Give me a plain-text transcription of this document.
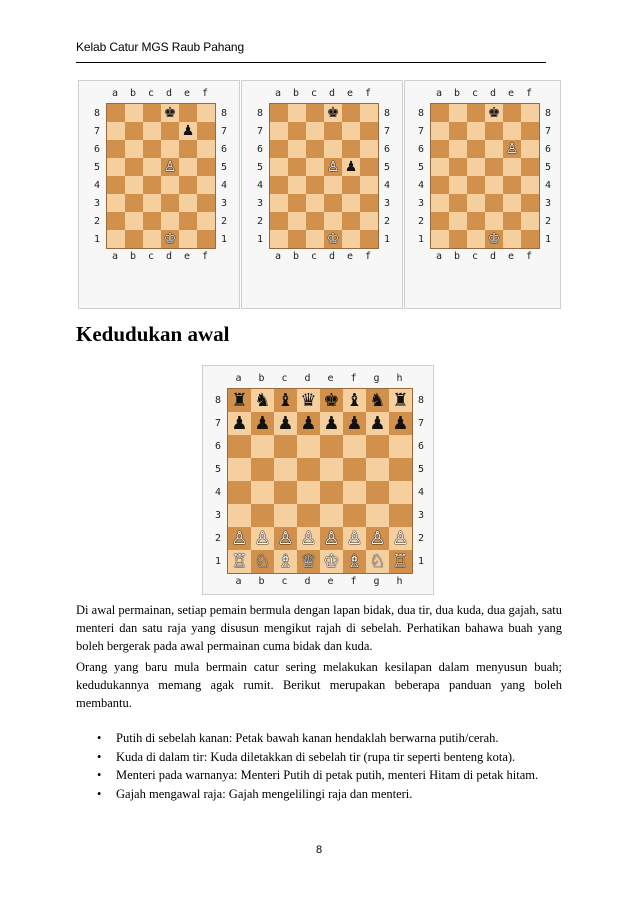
Kelab Catur MGS Raub Pahang
a	b	c	d	e	f
a	b	c	d	e	f
8
7
6
5
4
3
2
1
8
7
6
5
4
3
2
1
♚
♟
♙
♔
a	b	c	d	e	f
a	b	c	d	e	f
8
7
6
5
4
3
2
1
8
7
6
5
4
3
2
1
♚
♙ ♟
♔
a	b	c	d	e	f
a	b	c	d	e	f
8
7
6
5
4
3
2
1
8
7
6
5
4
3
2
1
♚
♙
♔
a	b	c	d	e	f	g	h
a	b	c	d	e	f	g	h
8
7
6
5
4
3
2
1
8
7
6
5
4
3
2
1
♜ ♞ ♝ ♛ ♚ ♝ ♞ ♜
♟ ♟ ♟ ♟ ♟ ♟ ♟ ♟
♙ ♙ ♙ ♙ ♙ ♙ ♙ ♙
♖ ♘ ♗ ♕ ♔ ♗ ♘ ♖
Kedudukan awal
Di awal permainan, setiap pemain bermula dengan lapan bidak, dua tir, dua kuda, dua gajah, satu menteri dan satu raja yang disusun mengikut rajah di sebelah. Perhatikan bahawa buah yang boleh bergerak pada awal permainan cuma bidak dan kuda.
Orang yang baru mula bermain catur sering melakukan kesilapan dalam menyusun buah; kedudukannya memang agak rumit. Berikut merupakan beberapa panduan yang boleh membantu.
• Putih di sebelah kanan: Petak bawah kanan hendaklah berwarna putih/cerah.
• Kuda di dalam tir: Kuda diletakkan di sebelah tir (rupa tir seperti benteng kota).
• Menteri pada warnanya: Menteri Putih di petak putih, menteri Hitam di petak hitam.
• Gajah mengawal raja: Gajah mengelilingi raja dan menteri.
8
